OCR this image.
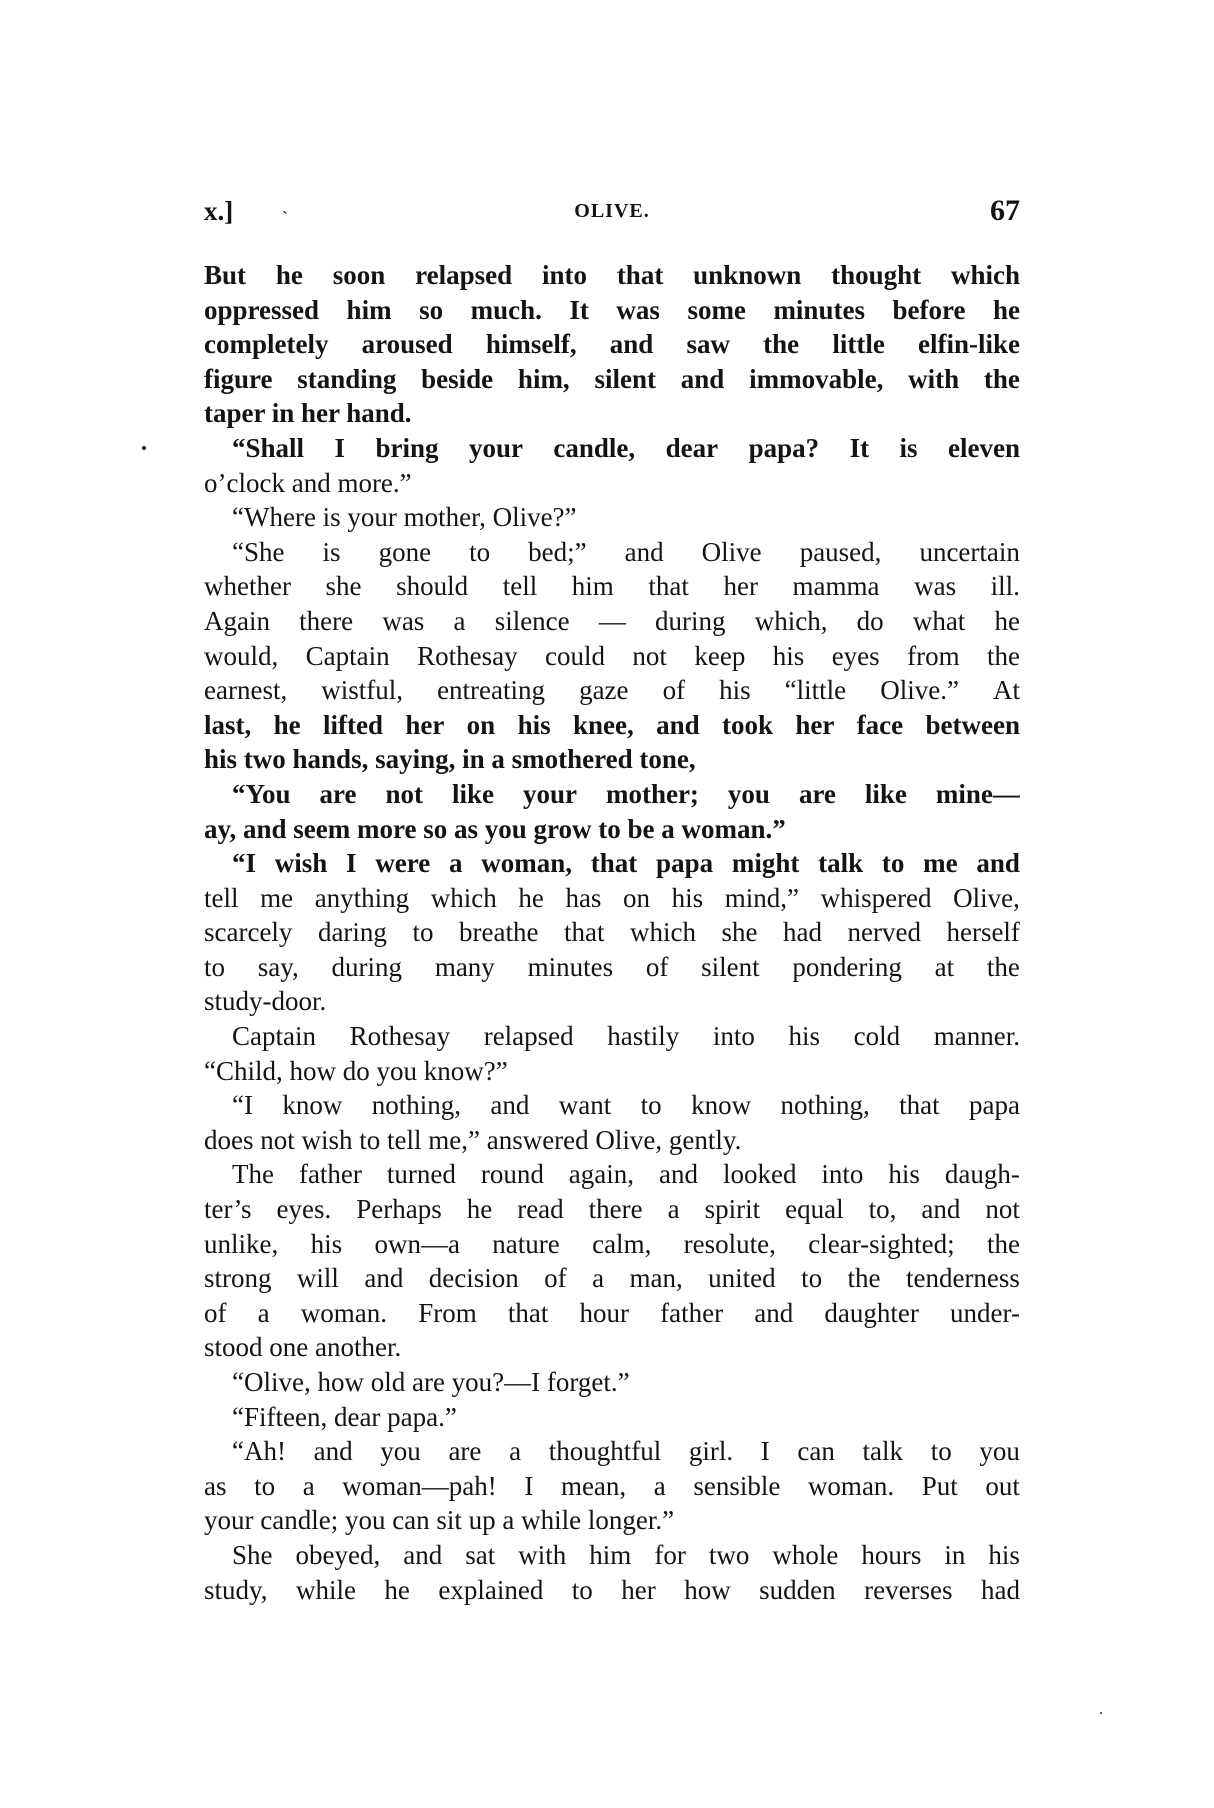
x.]	ˎ	OLIVE.	67
But he soon relapsed into that unknown thought which
oppressed him so much. It was some minutes before he
completely aroused himself, and saw the little elfin-like
figure standing beside him, silent and immovable, with the
taper in her hand.
“Shall I bring your candle, dear papa? It is eleven
o’clock and more.”
“Where is your mother, Olive?”
“She is gone to bed;” and Olive paused, uncertain
whether she should tell him that her mamma was ill.
Again there was a silence — during which, do what he
would, Captain Rothesay could not keep his eyes from the
earnest, wistful, entreating gaze of his “little Olive.” At
last, he lifted her on his knee, and took her face between
his two hands, saying, in a smothered tone,
“You are not like your mother; you are like mine—
ay, and seem more so as you grow to be a woman.”
“I wish I were a woman, that papa might talk to me and
tell me anything which he has on his mind,” whispered Olive,
scarcely daring to breathe that which she had nerved herself
to say, during many minutes of silent pondering at the
study-door.
Captain Rothesay relapsed hastily into his cold manner.
“Child, how do you know?”
“I know nothing, and want to know nothing, that papa
does not wish to tell me,” answered Olive, gently.
The father turned round again, and looked into his daugh-
ter’s eyes. Perhaps he read there a spirit equal to, and not
unlike, his own—a nature calm, resolute, clear-sighted; the
strong will and decision of a man, united to the tenderness
of a woman. From that hour father and daughter under-
stood one another.
“Olive, how old are you?—I forget.”
“Fifteen, dear papa.”
“Ah! and you are a thoughtful girl. I can talk to you
as to a woman—pah! I mean, a sensible woman. Put out
your candle; you can sit up a while longer.”
She obeyed, and sat with him for two whole hours in his
study, while he explained to her how sudden reverses had
